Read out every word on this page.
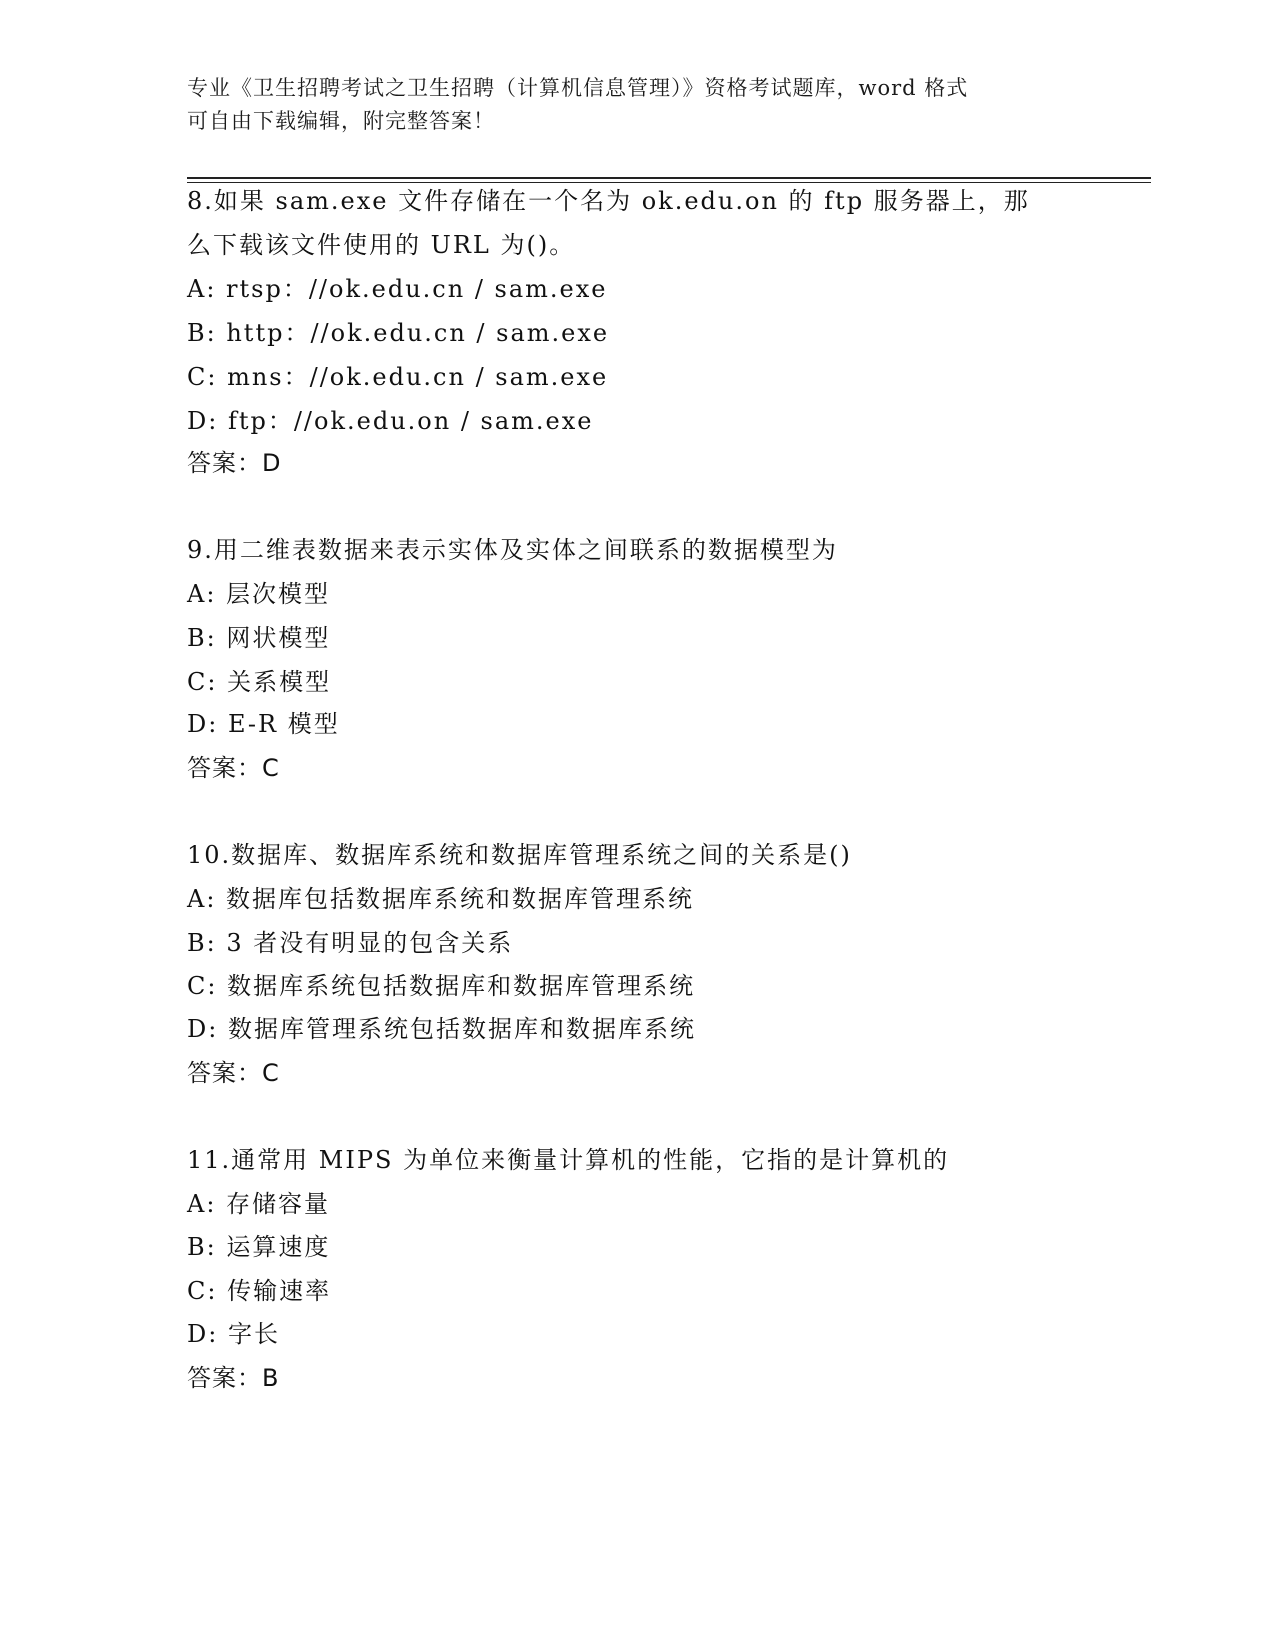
专业《卫生招聘考试之卫生招聘（计算机信息管理）》资格考试题库，word 格式
可自由下载编辑，附完整答案！
8.如果 sam.exe 文件存储在一个名为 ok.edu.on 的 ftp 服务器上，那
么下载该文件使用的 URL 为()。
A: rtsp：//ok.edu.cn / sam.exe
B: http：//ok.edu.cn / sam.exe
C: mns：//ok.edu.cn / sam.exe
D: ftp：//ok.edu.on / sam.exe
答案：D
9.用二维表数据来表示实体及实体之间联系的数据模型为
A: 层次模型
B: 网状模型
C: 关系模型
D: E-R 模型
答案：C
10.数据库、数据库系统和数据库管理系统之间的关系是()
A: 数据库包括数据库系统和数据库管理系统
B: 3 者没有明显的包含关系
C: 数据库系统包括数据库和数据库管理系统
D: 数据库管理系统包括数据库和数据库系统
答案：C
11.通常用 MIPS 为单位来衡量计算机的性能，它指的是计算机的
A: 存储容量
B: 运算速度
C: 传输速率
D: 字长
答案：B
